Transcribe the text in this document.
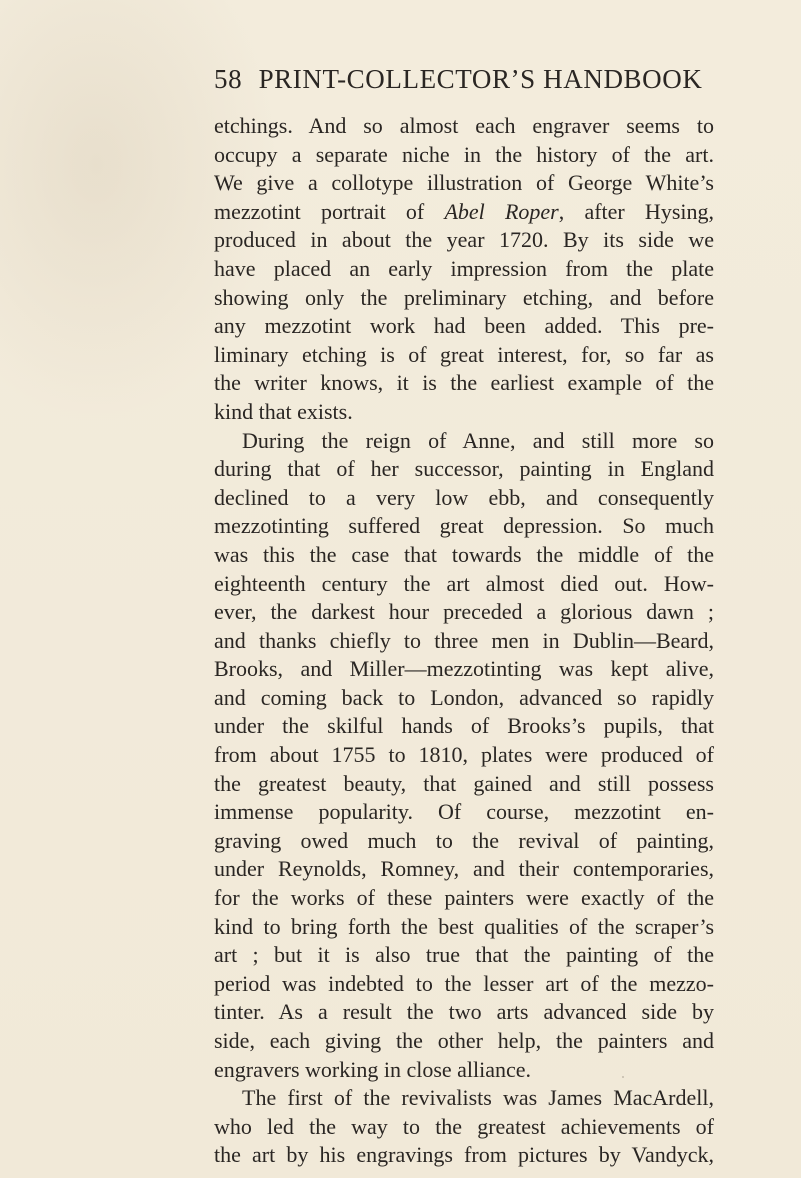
58 PRINT-COLLECTOR’S HANDBOOK
etchings. And so almost each engraver seems to
occupy a separate niche in the history of the art.
We give a collotype illustration of George White’s
mezzotint portrait of Abel Roper, after Hysing,
produced in about the year 1720. By its side we
have placed an early impression from the plate
showing only the preliminary etching, and before
any mezzotint work had been added. This pre-
liminary etching is of great interest, for, so far as
the writer knows, it is the earliest example of the
kind that exists.
During the reign of Anne, and still more so
during that of her successor, painting in England
declined to a very low ebb, and consequently
mezzotinting suffered great depression. So much
was this the case that towards the middle of the
eighteenth century the art almost died out. How-
ever, the darkest hour preceded a glorious dawn ;
and thanks chiefly to three men in Dublin—Beard,
Brooks, and Miller—mezzotinting was kept alive,
and coming back to London, advanced so rapidly
under the skilful hands of Brooks’s pupils, that
from about 1755 to 1810, plates were produced of
the greatest beauty, that gained and still possess
immense popularity. Of course, mezzotint en-
graving owed much to the revival of painting,
under Reynolds, Romney, and their contemporaries,
for the works of these painters were exactly of the
kind to bring forth the best qualities of the scraper’s
art ; but it is also true that the painting of the
period was indebted to the lesser art of the mezzo-
tinter. As a result the two arts advanced side by
side, each giving the other help, the painters and
engravers working in close alliance.
The first of the revivalists was James MacArdell,
who led the way to the greatest achievements of
the art by his engravings from pictures by Vandyck,
